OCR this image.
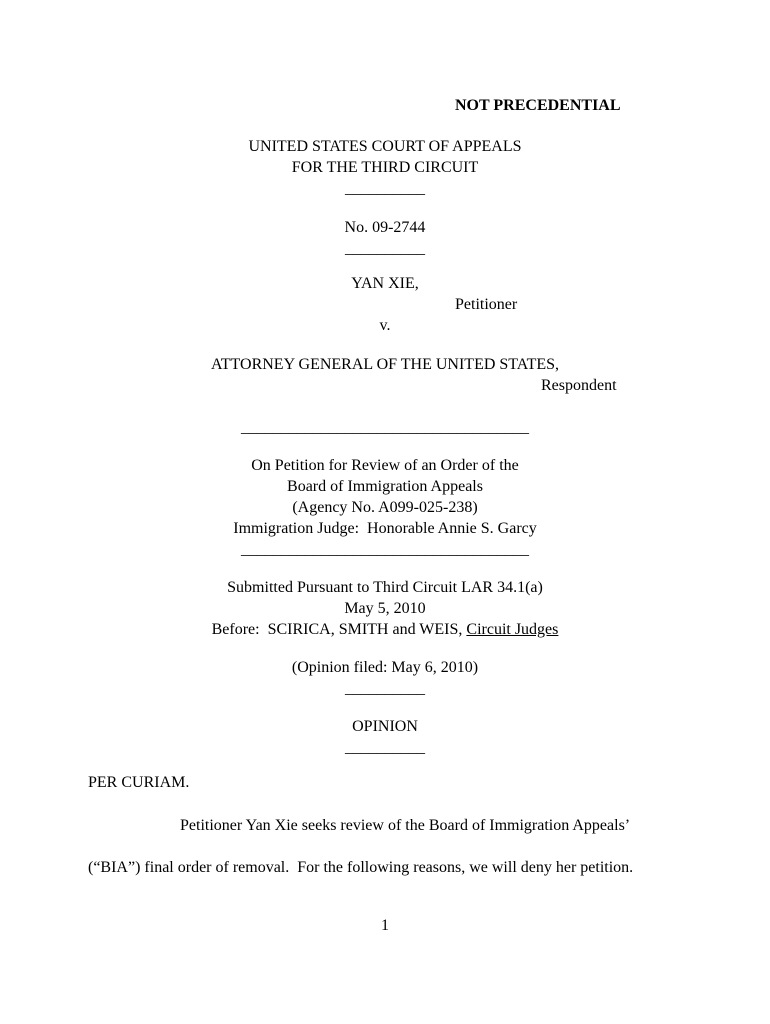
NOT PRECEDENTIAL
UNITED STATES COURT OF APPEALS
FOR THE THIRD CIRCUIT
__________
No. 09-2744
__________
YAN XIE,
Petitioner
v.
ATTORNEY GENERAL OF THE UNITED STATES,
Respondent
____________________________________
On Petition for Review of an Order of the
Board of Immigration Appeals
(Agency No. A099-025-238)
Immigration Judge:  Honorable Annie S. Garcy
____________________________________
Submitted Pursuant to Third Circuit LAR 34.1(a)
May 5, 2010
Before:  SCIRICA, SMITH and WEIS, Circuit Judges
(Opinion filed: May 6, 2010)
__________
OPINION
__________
PER CURIAM.
Petitioner Yan Xie seeks review of the Board of Immigration Appeals’
(“BIA”) final order of removal.  For the following reasons, we will deny her petition.
1
